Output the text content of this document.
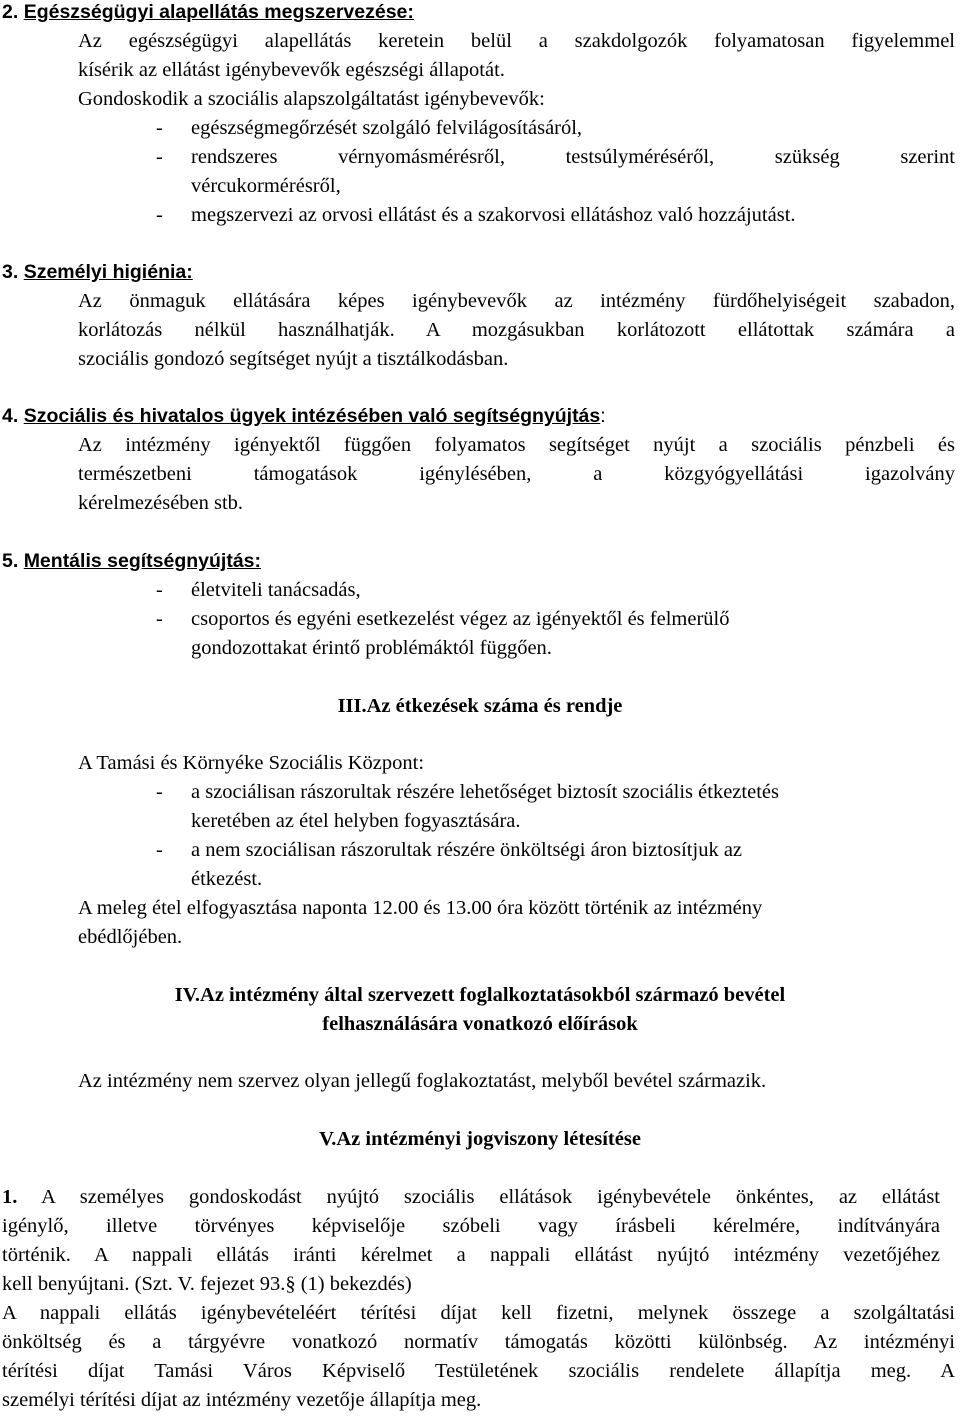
2. Egészségügyi alapellátás megszervezése:
Az egészségügyi alapellátás keretein belül a szakdolgozók folyamatosan figyelemmel
kísérik az ellátást igénybevevők egészségi állapotát.
Gondoskodik a szociális alapszolgáltatást igénybevevők:
- egészségmegőrzését szolgáló felvilágosításáról,
- rendszeres vérnyomásmérésről, testsúlyméréséről, szükség szerint
vércukormérésről,
- megszervezi az orvosi ellátást és a szakorvosi ellátáshoz való hozzájutást.
3. Személyi higiénia:
Az önmaguk ellátására képes igénybevevők az intézmény fürdőhelyiségeit szabadon,
korlátozás nélkül használhatják. A mozgásukban korlátozott ellátottak számára a
szociális gondozó segítséget nyújt a tisztálkodásban.
4. Szociális és hivatalos ügyek intézésében való segítségnyújtás:
Az intézmény igényektől függően folyamatos segítséget nyújt a szociális pénzbeli és
természetbeni támogatások igénylésében, a közgyógyellátási igazolvány
kérelmezésében stb.
5. Mentális segítségnyújtás:
- életviteli tanácsadás,
- csoportos és egyéni esetkezelést végez az igényektől és felmerülő
gondozottakat érintő problémáktól függően.
III.Az étkezések száma és rendje
A Tamási és Környéke Szociális Központ:
- a szociálisan rászorultak részére lehetőséget biztosít szociális étkeztetés
keretében az étel helyben fogyasztására.
- a nem szociálisan rászorultak részére önköltségi áron biztosítjuk az
étkezést.
A meleg étel elfogyasztása naponta 12.00 és 13.00 óra között történik az intézmény
ebédlőjében.
IV.Az intézmény által szervezett foglalkoztatásokból származó bevétel
felhasználására vonatkozó előírások
Az intézmény nem szervez olyan jellegű foglakoztatást, melyből bevétel származik.
V.Az intézményi jogviszony létesítése
1. A személyes gondoskodást nyújtó szociális ellátások igénybevétele önkéntes, az ellátást
igénylő, illetve törvényes képviselője szóbeli vagy írásbeli kérelmére, indítványára
történik. A nappali ellátás iránti kérelmet a nappali ellátást nyújtó intézmény vezetőjéhez
kell benyújtani. (Szt. V. fejezet 93.§ (1) bekezdés)
A nappali ellátás igénybevételéért térítési díjat kell fizetni, melynek összege a szolgáltatási
önköltség és a tárgyévre vonatkozó normatív támogatás közötti különbség. Az intézményi
térítési díjat Tamási Város Képviselő Testületének szociális rendelete állapítja meg. A
személyi térítési díjat az intézmény vezetője állapítja meg.
